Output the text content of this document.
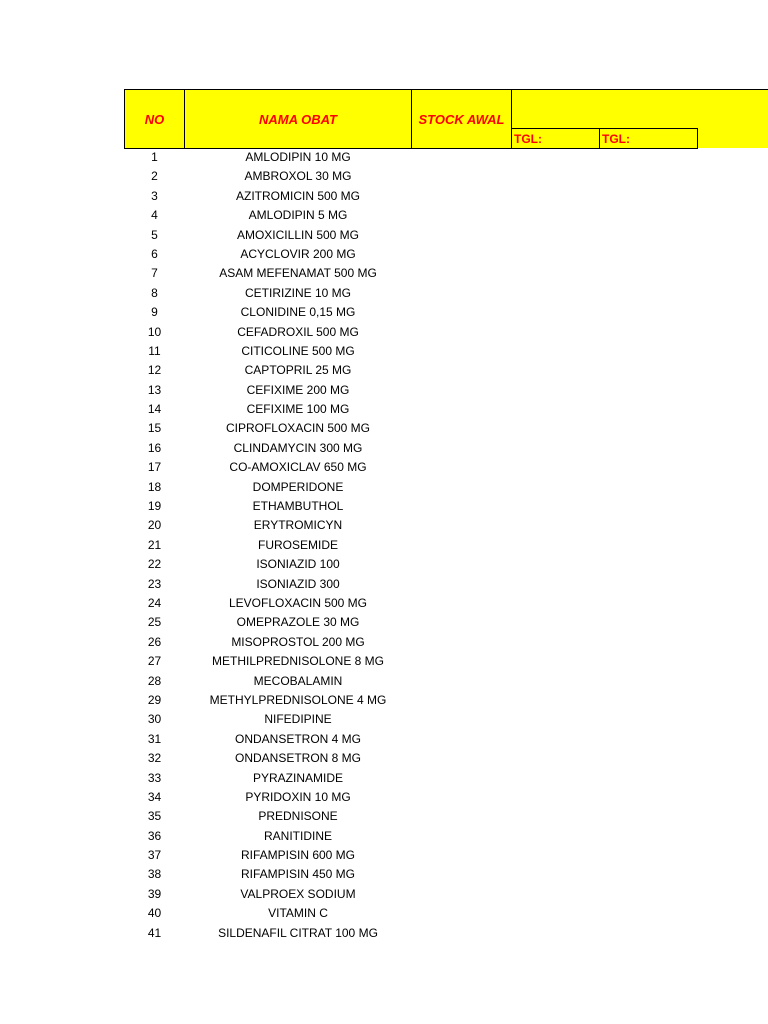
NO	NAMA OBAT	STOCK AWAL
TGL:	TGL:
1	AMLODIPIN 10 MG
2	AMBROXOL 30 MG
3	AZITROMICIN 500 MG
4	AMLODIPIN 5 MG
5	AMOXICILLIN 500 MG
6	ACYCLOVIR 200 MG
7	ASAM MEFENAMAT 500 MG
8	CETIRIZINE 10 MG
9	CLONIDINE 0,15 MG
10	CEFADROXIL 500 MG
11	CITICOLINE 500 MG
12	CAPTOPRIL 25 MG
13	CEFIXIME 200 MG
14	CEFIXIME 100 MG
15	CIPROFLOXACIN 500 MG
16	CLINDAMYCIN 300 MG
17	CO-AMOXICLAV 650 MG
18	DOMPERIDONE
19	ETHAMBUTHOL
20	ERYTROMICYN
21	FUROSEMIDE
22	ISONIAZID 100
23	ISONIAZID 300
24	LEVOFLOXACIN 500 MG
25	OMEPRAZOLE 30 MG
26	MISOPROSTOL 200 MG
27	METHILPREDNISOLONE 8 MG
28	MECOBALAMIN
29	METHYLPREDNISOLONE 4 MG
30	NIFEDIPINE
31	ONDANSETRON 4 MG
32	ONDANSETRON 8 MG
33	PYRAZINAMIDE
34	PYRIDOXIN 10 MG
35	PREDNISONE
36	RANITIDINE
37	RIFAMPISIN 600 MG
38	RIFAMPISIN 450 MG
39	VALPROEX SODIUM
40	VITAMIN C
41	SILDENAFIL CITRAT 100 MG
